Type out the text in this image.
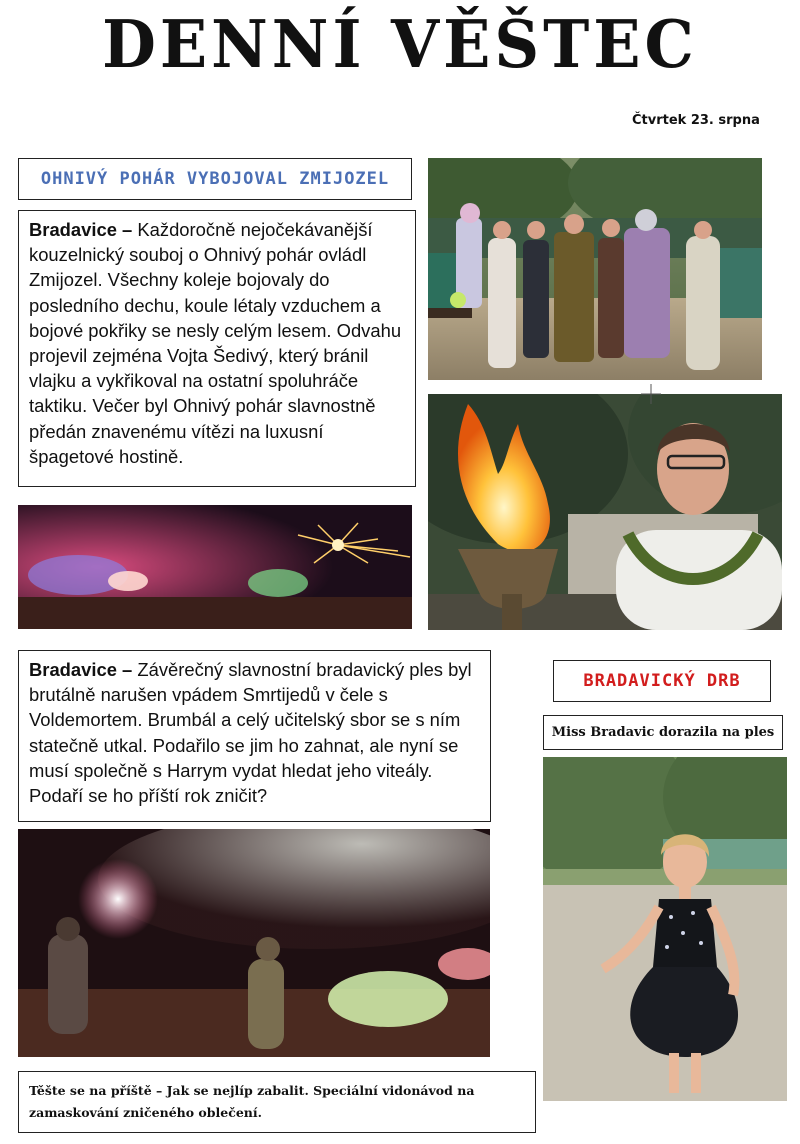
DENNÍ VĚŠTEC
Čtvrtek 23. srpna
OHNIVÝ POHÁR VYBOJOVAL ZMIJOZEL
Bradavice – Každoročně nejočekávanější kouzelnický souboj o Ohnivý pohár ovládl Zmijozel. Všechny koleje bojovaly do posledního dechu, koule létaly vzduchem a bojové pokřiky se nesly celým lesem. Odvahu projevil zejména Vojta Šedivý, který bránil vlajku a vykřikoval na ostatní spoluhráče taktiku. Večer byl Ohnivý pohár slavnostně předán znavenému vítězi na luxusní špagetové hostině.
Bradavice – Závěrečný slavnostní bradavický ples byl brutálně narušen vpádem Smrtijedů v čele s Voldemortem. Brumbál a celý učitelský sbor se s ním statečně utkal. Podařilo se jim ho zahnat, ale nyní se musí společně s Harrym vydat hledat jeho viteály. Podaří se ho příští rok zničit?
BRADAVICKÝ DRB
Miss Bradavic dorazila na ples
Těšte se na příště – Jak se nejlíp zabalit. Speciální vidonávod na zamaskování zničeného oblečení.
